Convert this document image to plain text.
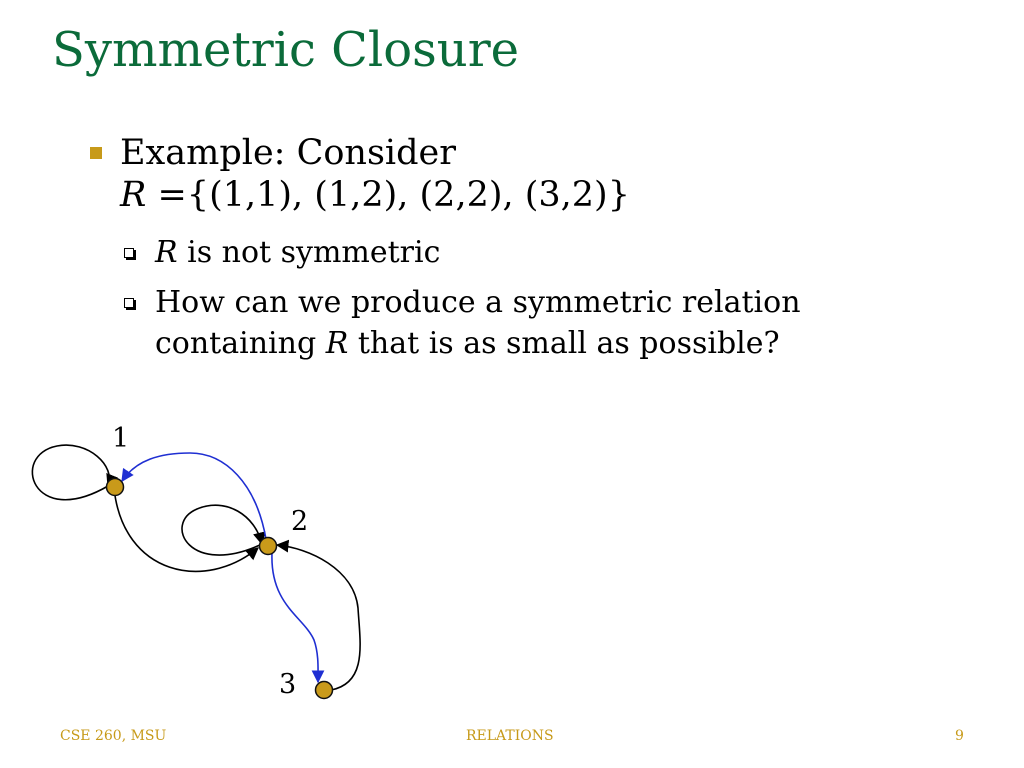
Symmetric Closure
Example: Consider
R ={(1,1), (1,2), (2,2), (3,2)}
R is not symmetric
How can we produce a symmetric relation
containing R that is as small as possible?
1
2
3
CSE 260, MSU	RELATIONS	9
